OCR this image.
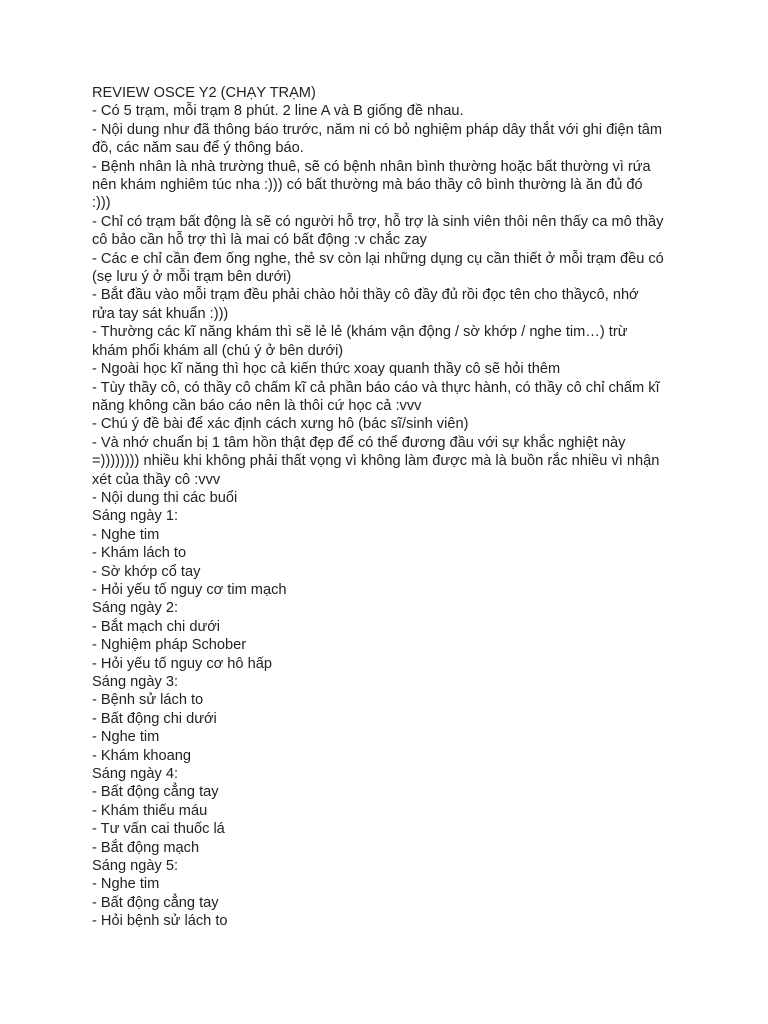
REVIEW OSCE Y2 (CHẠY TRẠM)
- Có 5 trạm, mỗi trạm 8 phút. 2 line A và B giống đề nhau.
- Nội dung như đã thông báo trước, năm ni có bỏ nghiệm pháp dây thắt với ghi điện tâm
đồ, các năm sau để ý thông báo.
- Bệnh nhân là nhà trường thuê, sẽ có bệnh nhân bình thường hoặc bất thường vì rứa
nên khám nghiêm túc nha :))) có bất thường mà báo thầy cô bình thường là ăn đủ đó
:)))
- Chỉ có trạm bất động là sẽ có người hỗ trợ, hỗ trợ là sinh viên thôi nên thấy ca mô thầy
cô bảo cần hỗ trợ thì là mai có bất động :v chắc zay
- Các e chỉ cần đem ống nghe, thẻ sv còn lại những dụng cụ cần thiết ở mỗi trạm đều có
(sẹ lưu ý ở mỗi trạm bên dưới)
- Bắt đầu vào mỗi trạm đều phải chào hỏi thầy cô đầy đủ rồi đọc tên cho thầycô, nhớ
rửa tay sát khuẩn :)))
- Thường các kĩ năng khám thì sẽ lẻ lẻ (khám vận động / sờ khớp / nghe tim…) trừ
khám phổi khám all (chú ý ở bên dưới)
- Ngoài học kĩ năng thì học cả kiến thức xoay quanh thầy cô sẽ hỏi thêm
- Tùy thầy cô, có thầy cô chấm kĩ cả phần báo cáo và thực hành, có thầy cô chỉ chấm kĩ
năng không cần báo cáo nên là thôi cứ học cả :vvv
- Chú ý đề bài để xác định cách xưng hô (bác sĩ/sinh viên)
- Và nhớ chuẩn bị 1 tâm hồn thật đẹp để có thể đương đầu với sự khắc nghiệt này
=)))))))) nhiều khi không phải thất vọng vì không làm được mà là buồn rắc nhiều vì nhận
xét của thầy cô :vvv
- Nội dung thi các buổi
Sáng ngày 1:
- Nghe tim
- Khám lách to
- Sờ khớp cổ tay
- Hỏi yếu tố nguy cơ tim mạch
Sáng ngày 2:
- Bắt mạch chi dưới
- Nghiệm pháp Schober
- Hỏi yếu tố nguy cơ hô hấp
Sáng ngày 3:
- Bệnh sử lách to
- Bất động chi dưới
- Nghe tim
- Khám khoang
Sáng ngày 4:
- Bất động cẳng tay
- Khám thiếu máu
- Tư vấn cai thuốc lá
- Bắt động mạch
Sáng ngày 5:
- Nghe tim
- Bất động cẳng tay
- Hỏi bệnh sử lách to
